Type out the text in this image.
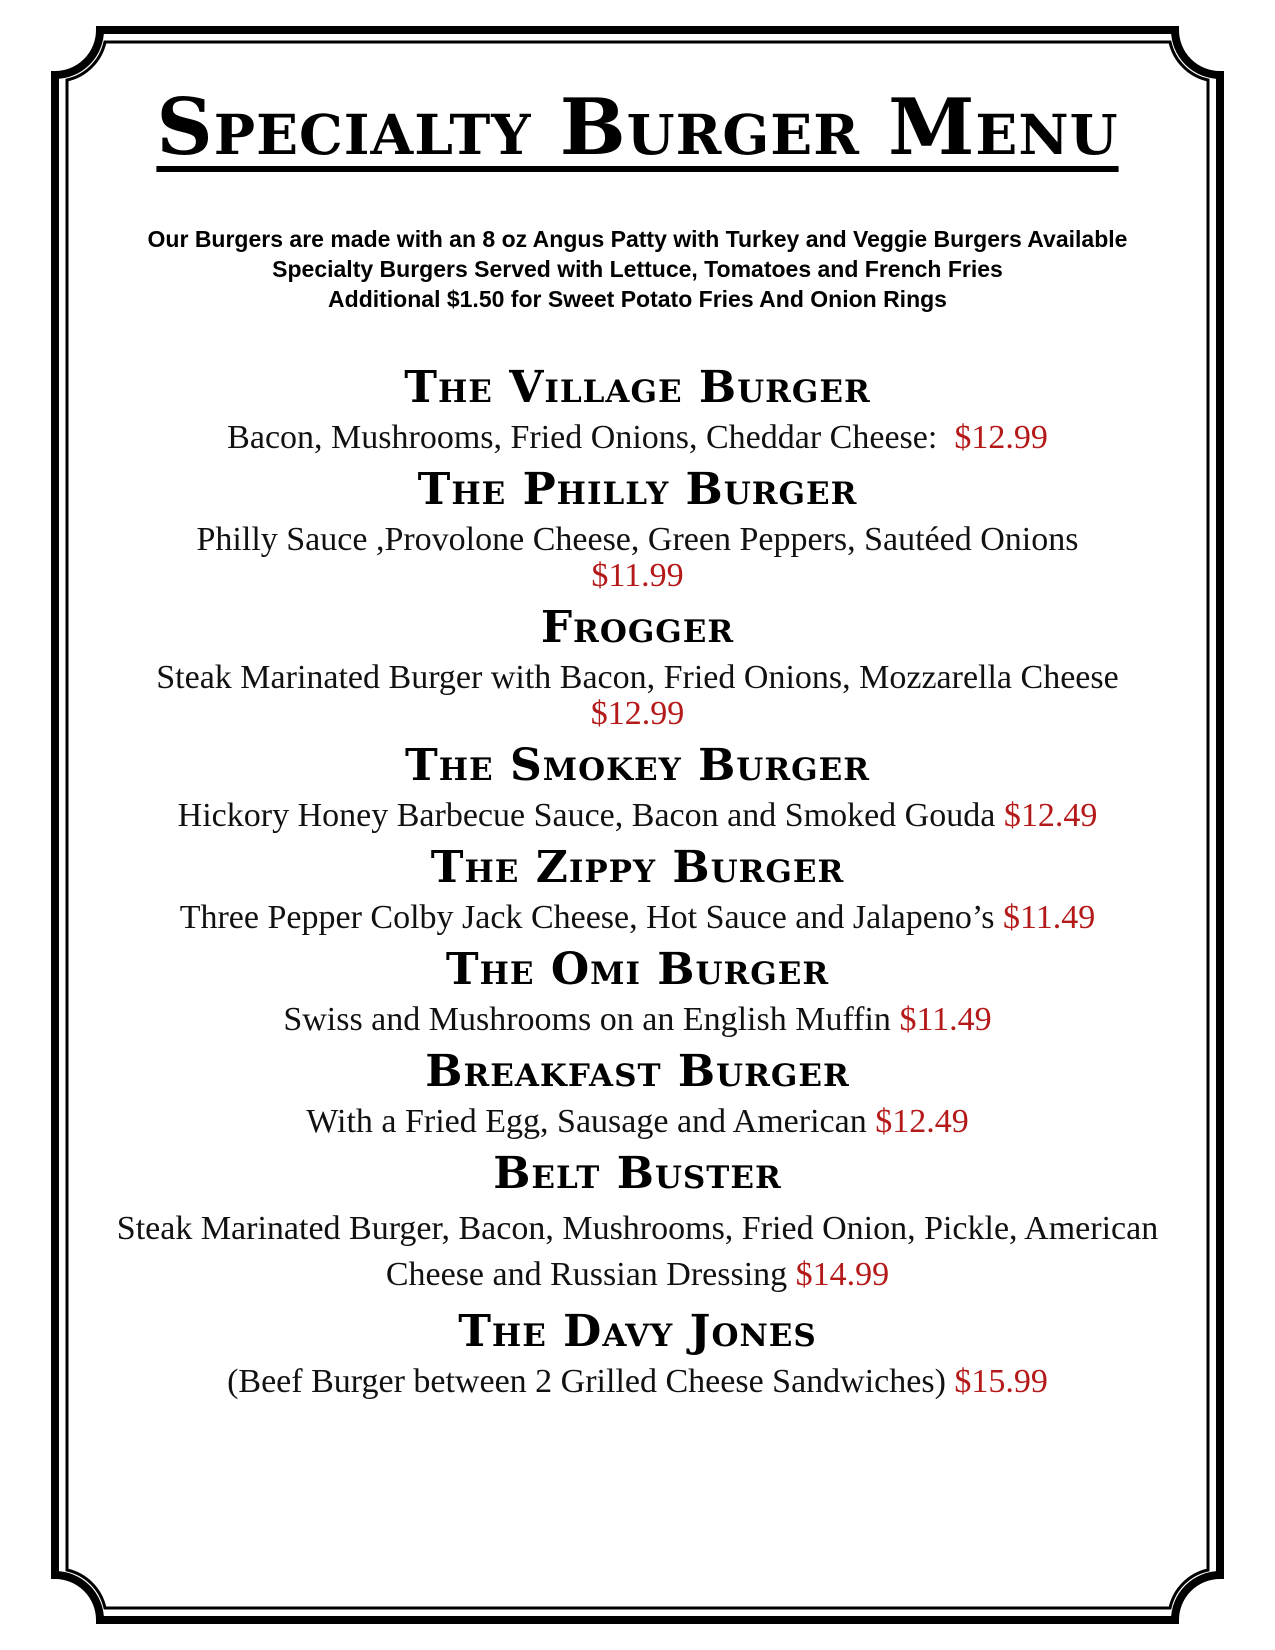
Specialty Burger Menu
Our Burgers are made with an 8 oz Angus Patty with Turkey and Veggie Burgers Available
Specialty Burgers Served with Lettuce, Tomatoes and French Fries
Additional $1.50 for Sweet Potato Fries And Onion Rings
The Village Burger
Bacon, Mushrooms, Fried Onions, Cheddar Cheese: $12.99
The Philly Burger
Philly Sauce ,Provolone Cheese, Green Peppers, Sautéed Onions
$11.99
Frogger
Steak Marinated Burger with Bacon, Fried Onions, Mozzarella Cheese $12.99
The Smokey Burger
Hickory Honey Barbecue Sauce, Bacon and Smoked Gouda $12.49
The Zippy Burger
Three Pepper Colby Jack Cheese, Hot Sauce and Jalapeno’s $11.49
The Omi Burger
Swiss and Mushrooms on an English Muffin $11.49
Breakfast Burger
With a Fried Egg, Sausage and American $12.49
Belt Buster
Steak Marinated Burger, Bacon, Mushrooms, Fried Onion, Pickle, American Cheese and Russian Dressing $14.99
The Davy Jones
(Beef Burger between 2 Grilled Cheese Sandwiches) $15.99
